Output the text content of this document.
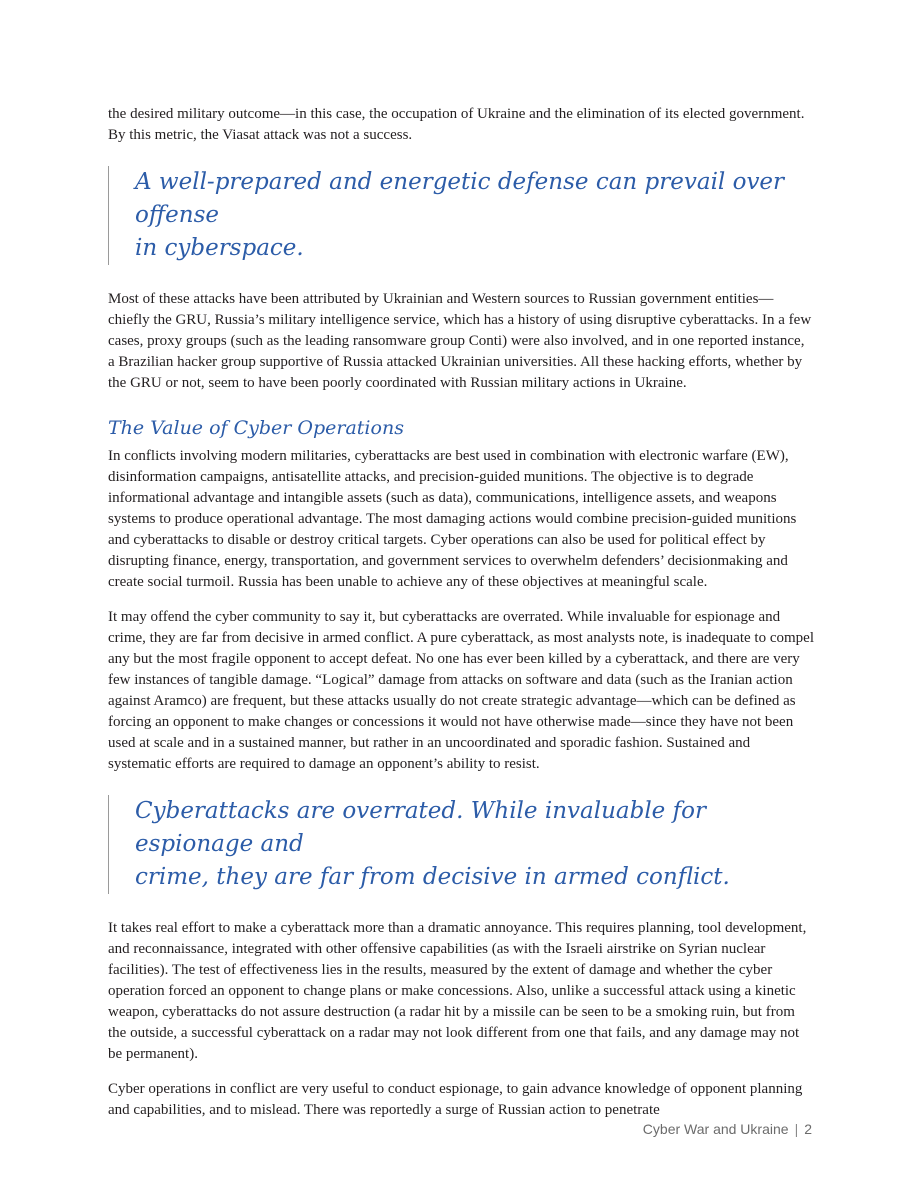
the desired military outcome—in this case, the occupation of Ukraine and the elimination of its elected government. By this metric, the Viasat attack was not a success.

A well-prepared and energetic defense can prevail over offense
in cyberspace.

Most of these attacks have been attributed by Ukrainian and Western sources to Russian government entities—chiefly the GRU, Russia’s military intelligence service, which has a history of using disruptive cyberattacks. In a few cases, proxy groups (such as the leading ransomware group Conti) were also involved, and in one reported instance, a Brazilian hacker group supportive of Russia attacked Ukrainian universities. All these hacking efforts, whether by the GRU or not, seem to have been poorly coordinated with Russian military actions in Ukraine.

The Value of Cyber Operations

In conflicts involving modern militaries, cyberattacks are best used in combination with electronic warfare (EW), disinformation campaigns, antisatellite attacks, and precision-guided munitions. The objective is to degrade informational advantage and intangible assets (such as data), communications, intelligence assets, and weapons systems to produce operational advantage. The most damaging actions would combine precision-guided munitions and cyberattacks to disable or destroy critical targets. Cyber operations can also be used for political effect by disrupting finance, energy, transportation, and government services to overwhelm defenders’ decisionmaking and create social turmoil. Russia has been unable to achieve any of these objectives at meaningful scale.

It may offend the cyber community to say it, but cyberattacks are overrated. While invaluable for espionage and crime, they are far from decisive in armed conflict. A pure cyberattack, as most analysts note, is inadequate to compel any but the most fragile opponent to accept defeat. No one has ever been killed by a cyberattack, and there are very few instances of tangible damage. “Logical” damage from attacks on software and data (such as the Iranian action against Aramco) are frequent, but these attacks usually do not create strategic advantage—which can be defined as forcing an opponent to make changes or concessions it would not have otherwise made—since they have not been used at scale and in a sustained manner, but rather in an uncoordinated and sporadic fashion. Sustained and systematic efforts are required to damage an opponent’s ability to resist.

Cyberattacks are overrated. While invaluable for espionage and
crime, they are far from decisive in armed conflict.

It takes real effort to make a cyberattack more than a dramatic annoyance. This requires planning, tool development, and reconnaissance, integrated with other offensive capabilities (as with the Israeli airstrike on Syrian nuclear facilities). The test of effectiveness lies in the results, measured by the extent of damage and whether the cyber operation forced an opponent to change plans or make concessions. Also, unlike a successful attack using a kinetic weapon, cyberattacks do not assure destruction (a radar hit by a missile can be seen to be a smoking ruin, but from the outside, a successful cyberattack on a radar may not look different from one that fails, and any damage may not be permanent).

Cyber operations in conflict are very useful to conduct espionage, to gain advance knowledge of opponent planning and capabilities, and to mislead. There was reportedly a surge of Russian action to penetrate

Cyber War and Ukraine | 2
